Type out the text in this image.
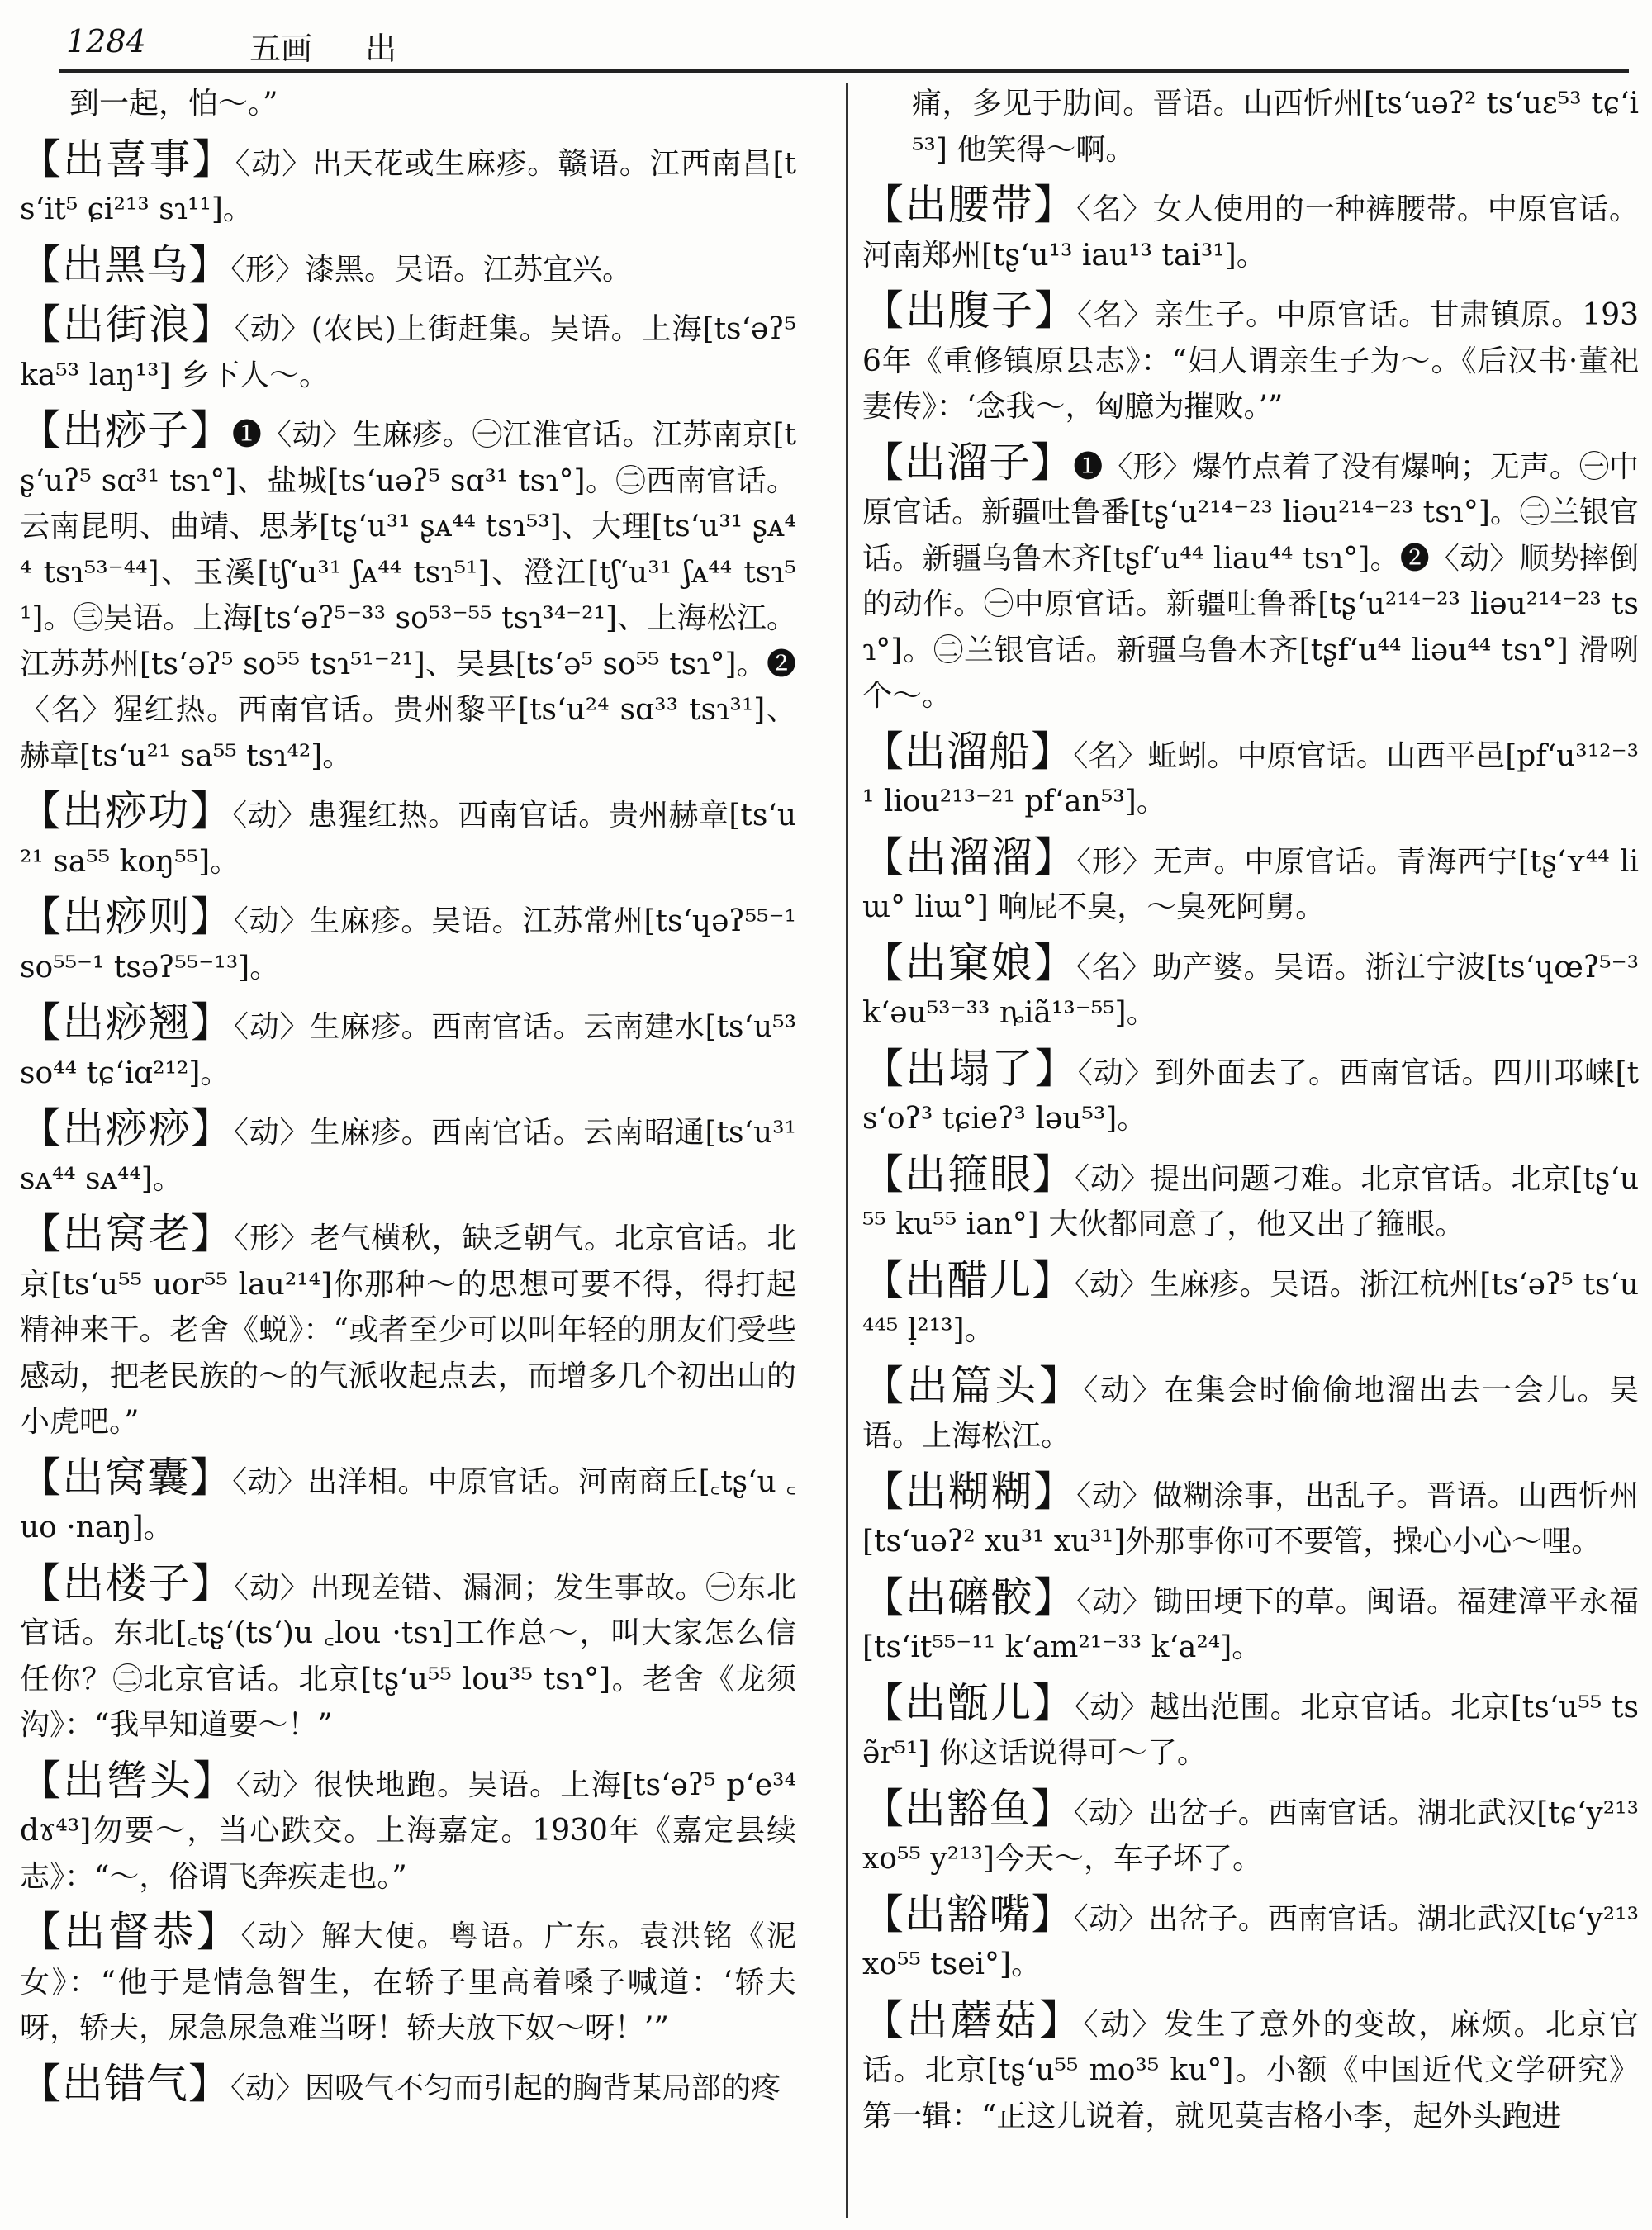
1284	五画 出

到一起，怕～。”

【出喜事】〈动〉出天花或生麻疹。赣语。江西南昌[ts‘it⁵ ɕi²¹³ sɿ¹¹]。

【出黑乌】〈形〉漆黑。吴语。江苏宜兴。

【出街浪】〈动〉(农民)上街赶集。吴语。上海[ts‘əʔ⁵ ka⁵³ laŋ¹³] 乡下人～。

【出痧子】❶〈动〉生麻疹。㊀江淮官话。江苏南京[tʂ‘uʔ⁵ sɑ³¹ tsɿ°]、盐城[ts‘uəʔ⁵ sɑ³¹ tsɿ°]。㊁西南官话。云南昆明、曲靖、思茅[tʂ‘u³¹ ʂᴀ⁴⁴ tsɿ⁵³]、大理[ts‘u³¹ ʂᴀ⁴⁴ tsɿ⁵³⁻⁴⁴]、玉溪[tʃ‘u³¹ ʃᴀ⁴⁴ tsɿ⁵¹]、澄江[tʃ‘u³¹ ʃᴀ⁴⁴ tsɿ⁵¹]。㊂吴语。上海[ts‘əʔ⁵⁻³³ so⁵³⁻⁵⁵ tsɿ³⁴⁻²¹]、上海松江。江苏苏州[ts‘əʔ⁵ so⁵⁵ tsɿ⁵¹⁻²¹]、吴县[ts‘ə⁵ so⁵⁵ tsɿ°]。❷〈名〉猩红热。西南官话。贵州黎平[ts‘u²⁴ sɑ³³ tsɿ³¹]、赫章[ts‘u²¹ sa⁵⁵ tsɿ⁴²]。

【出痧功】〈动〉患猩红热。西南官话。贵州赫章[ts‘u²¹ sa⁵⁵ koŋ⁵⁵]。

【出痧则】〈动〉生麻疹。吴语。江苏常州[ts‘ɥəʔ⁵⁵⁻¹ so⁵⁵⁻¹ tsəʔ⁵⁵⁻¹³]。

【出痧翘】〈动〉生麻疹。西南官话。云南建水[ts‘u⁵³ so⁴⁴ tɕ‘iɑ²¹²]。

【出痧痧】〈动〉生麻疹。西南官话。云南昭通[ts‘u³¹ sᴀ⁴⁴ sᴀ⁴⁴]。

【出窝老】〈形〉老气横秋，缺乏朝气。北京官话。北京[ts‘u⁵⁵ uor⁵⁵ lau²¹⁴]你那种～的思想可要不得，得打起精神来干。老舍《蜕》：“或者至少可以叫年轻的朋友们受些感动，把老民族的～的气派收起点去，而增多几个初出山的小虎吧。”

【出窝囊】〈动〉出洋相。中原官话。河南商丘[꜀tʂ‘u ꜀uo ·naŋ]。

【出楼子】〈动〉出现差错、漏洞；发生事故。㊀东北官话。东北[꜀tʂ‘(ts‘)u ꜀lou ·tsɿ]工作总～，叫大家怎么信任你？㊁北京官话。北京[tʂ‘u⁵⁵ lou³⁵ tsɿ°]。老舍《龙须沟》：“我早知道要～！”

【出辔头】〈动〉很快地跑。吴语。上海[ts‘əʔ⁵ p‘e³⁴ dɤ⁴³]勿要～，当心跌交。上海嘉定。1930年《嘉定县续志》：“～，俗谓飞奔疾走也。”

【出督恭】〈动〉解大便。粤语。广东。袁洪铭《泥女》：“他于是情急智生，在轿子里高着嗓子喊道：‘轿夫呀，轿夫，尿急尿急难当呀！轿夫放下奴～呀！’”

【出错气】〈动〉因吸气不匀而引起的胸背某局部的疼

痛，多见于肋间。晋语。山西忻州[ts‘uəʔ² ts‘uɛ⁵³ tɕ‘i⁵³] 他笑得～啊。

【出腰带】〈名〉女人使用的一种裤腰带。中原官话。河南郑州[tʂ‘u¹³ iau¹³ tai³¹]。

【出腹子】〈名〉亲生子。中原官话。甘肃镇原。1936年《重修镇原县志》：“妇人谓亲生子为～。《后汉书·董祀妻传》：‘念我～，匈臆为摧败。’”

【出溜子】❶〈形〉爆竹点着了没有爆响；无声。㊀中原官话。新疆吐鲁番[tʂ‘u²¹⁴⁻²³ liəu²¹⁴⁻²³ tsɿ°]。㊁兰银官话。新疆乌鲁木齐[tʂf‘u⁴⁴ liau⁴⁴ tsɿ°]。❷〈动〉顺势摔倒的动作。㊀中原官话。新疆吐鲁番[tʂ‘u²¹⁴⁻²³ liəu²¹⁴⁻²³ tsɿ°]。㊁兰银官话。新疆乌鲁木齐[tʂf‘u⁴⁴ liəu⁴⁴ tsɿ°] 滑咧个～。

【出溜船】〈名〉蚯蚓。中原官话。山西平邑[pf‘u³¹²⁻³¹ liou²¹³⁻²¹ pf‘an⁵³]。

【出溜溜】〈形〉无声。中原官话。青海西宁[tʂ‘ʏ⁴⁴ liɯ° liɯ°] 响屁不臭，～臭死阿舅。

【出窠娘】〈名〉助产婆。吴语。浙江宁波[ts‘ɥœʔ⁵⁻³ k‘əu⁵³⁻³³ ȵiã¹³⁻⁵⁵]。

【出塌了】〈动〉到外面去了。西南官话。四川邛崃[ts‘oʔ³ tɕieʔ³ ləu⁵³]。

【出箍眼】〈动〉提出问题刁难。北京官话。北京[tʂ‘u⁵⁵ ku⁵⁵ ian°] 大伙都同意了，他又出了箍眼。

【出醋儿】〈动〉生麻疹。吴语。浙江杭州[ts‘əʔ⁵ ts‘u⁴⁴⁵ ḷ²¹³]。

【出篇头】〈动〉在集会时偷偷地溜出去一会儿。吴语。上海松江。

【出糊糊】〈动〉做糊涂事，出乱子。晋语。山西忻州[ts‘uəʔ² xu³¹ xu³¹]外那事你可不要管，操心小心～哩。

【出礳骹】〈动〉锄田埂下的草。闽语。福建漳平永福[ts‘it⁵⁵⁻¹¹ k‘am²¹⁻³³ k‘a²⁴]。

【出甑儿】〈动〉越出范围。北京官话。北京[ts‘u⁵⁵ tsə̃r⁵¹] 你这话说得可～了。

【出豁鱼】〈动〉出岔子。西南官话。湖北武汉[tɕ‘y²¹³ xo⁵⁵ y²¹³]今天～，车子坏了。

【出豁嘴】〈动〉出岔子。西南官话。湖北武汉[tɕ‘y²¹³ xo⁵⁵ tsei°]。

【出蘑菇】〈动〉发生了意外的变故，麻烦。北京官话。北京[tʂ‘u⁵⁵ mo³⁵ ku°]。小额《中国近代文学研究》第一辑：“正这儿说着，就见莫吉格小李，起外头跑进
